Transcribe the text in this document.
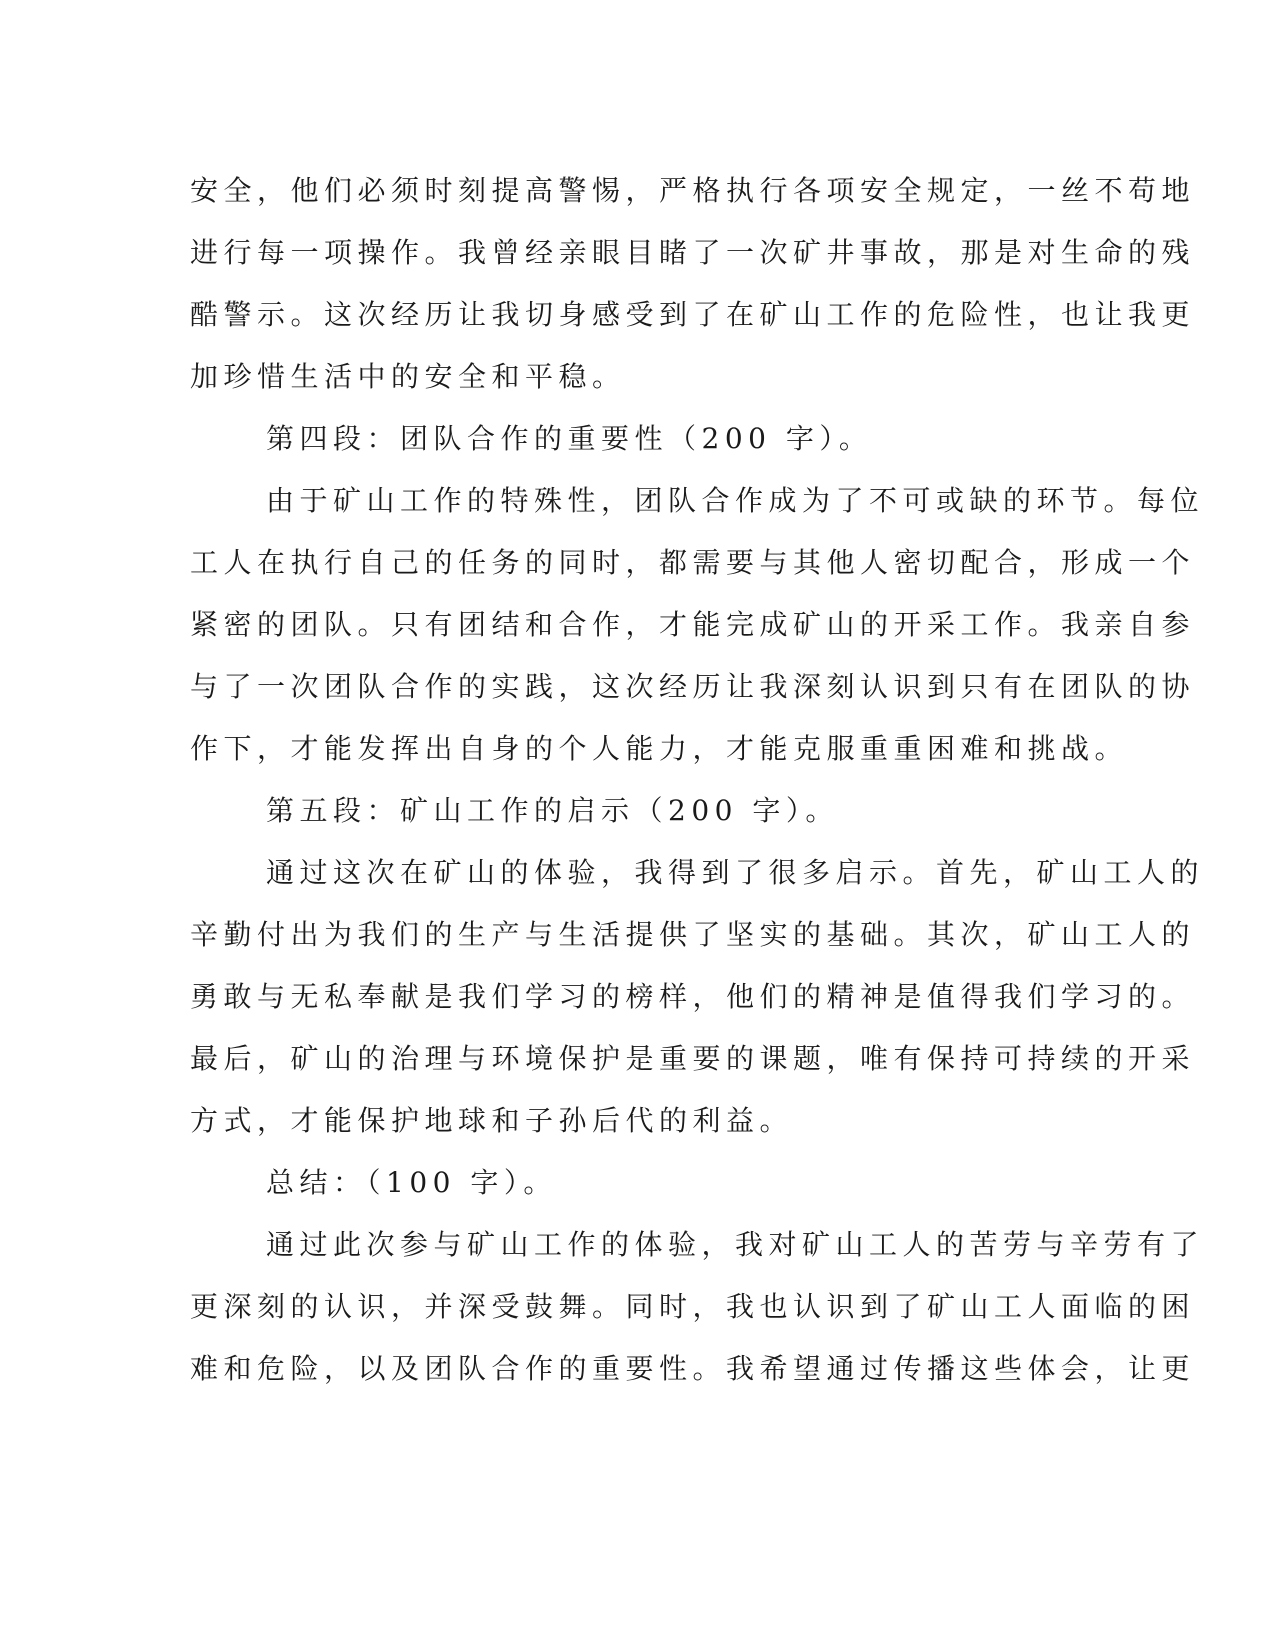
安全，他们必须时刻提高警惕，严格执行各项安全规定，一丝不苟地
进行每一项操作。我曾经亲眼目睹了一次矿井事故，那是对生命的残
酷警示。这次经历让我切身感受到了在矿山工作的危险性，也让我更
加珍惜生活中的安全和平稳。
第四段：团队合作的重要性（200 字）。
由于矿山工作的特殊性，团队合作成为了不可或缺的环节。每位
工人在执行自己的任务的同时，都需要与其他人密切配合，形成一个
紧密的团队。只有团结和合作，才能完成矿山的开采工作。我亲自参
与了一次团队合作的实践，这次经历让我深刻认识到只有在团队的协
作下，才能发挥出自身的个人能力，才能克服重重困难和挑战。
第五段：矿山工作的启示（200 字）。
通过这次在矿山的体验，我得到了很多启示。首先，矿山工人的
辛勤付出为我们的生产与生活提供了坚实的基础。其次，矿山工人的
勇敢与无私奉献是我们学习的榜样，他们的精神是值得我们学习的。
最后，矿山的治理与环境保护是重要的课题，唯有保持可持续的开采
方式，才能保护地球和子孙后代的利益。
总结：（100 字）。
通过此次参与矿山工作的体验，我对矿山工人的苦劳与辛劳有了
更深刻的认识，并深受鼓舞。同时，我也认识到了矿山工人面临的困
难和危险，以及团队合作的重要性。我希望通过传播这些体会，让更
